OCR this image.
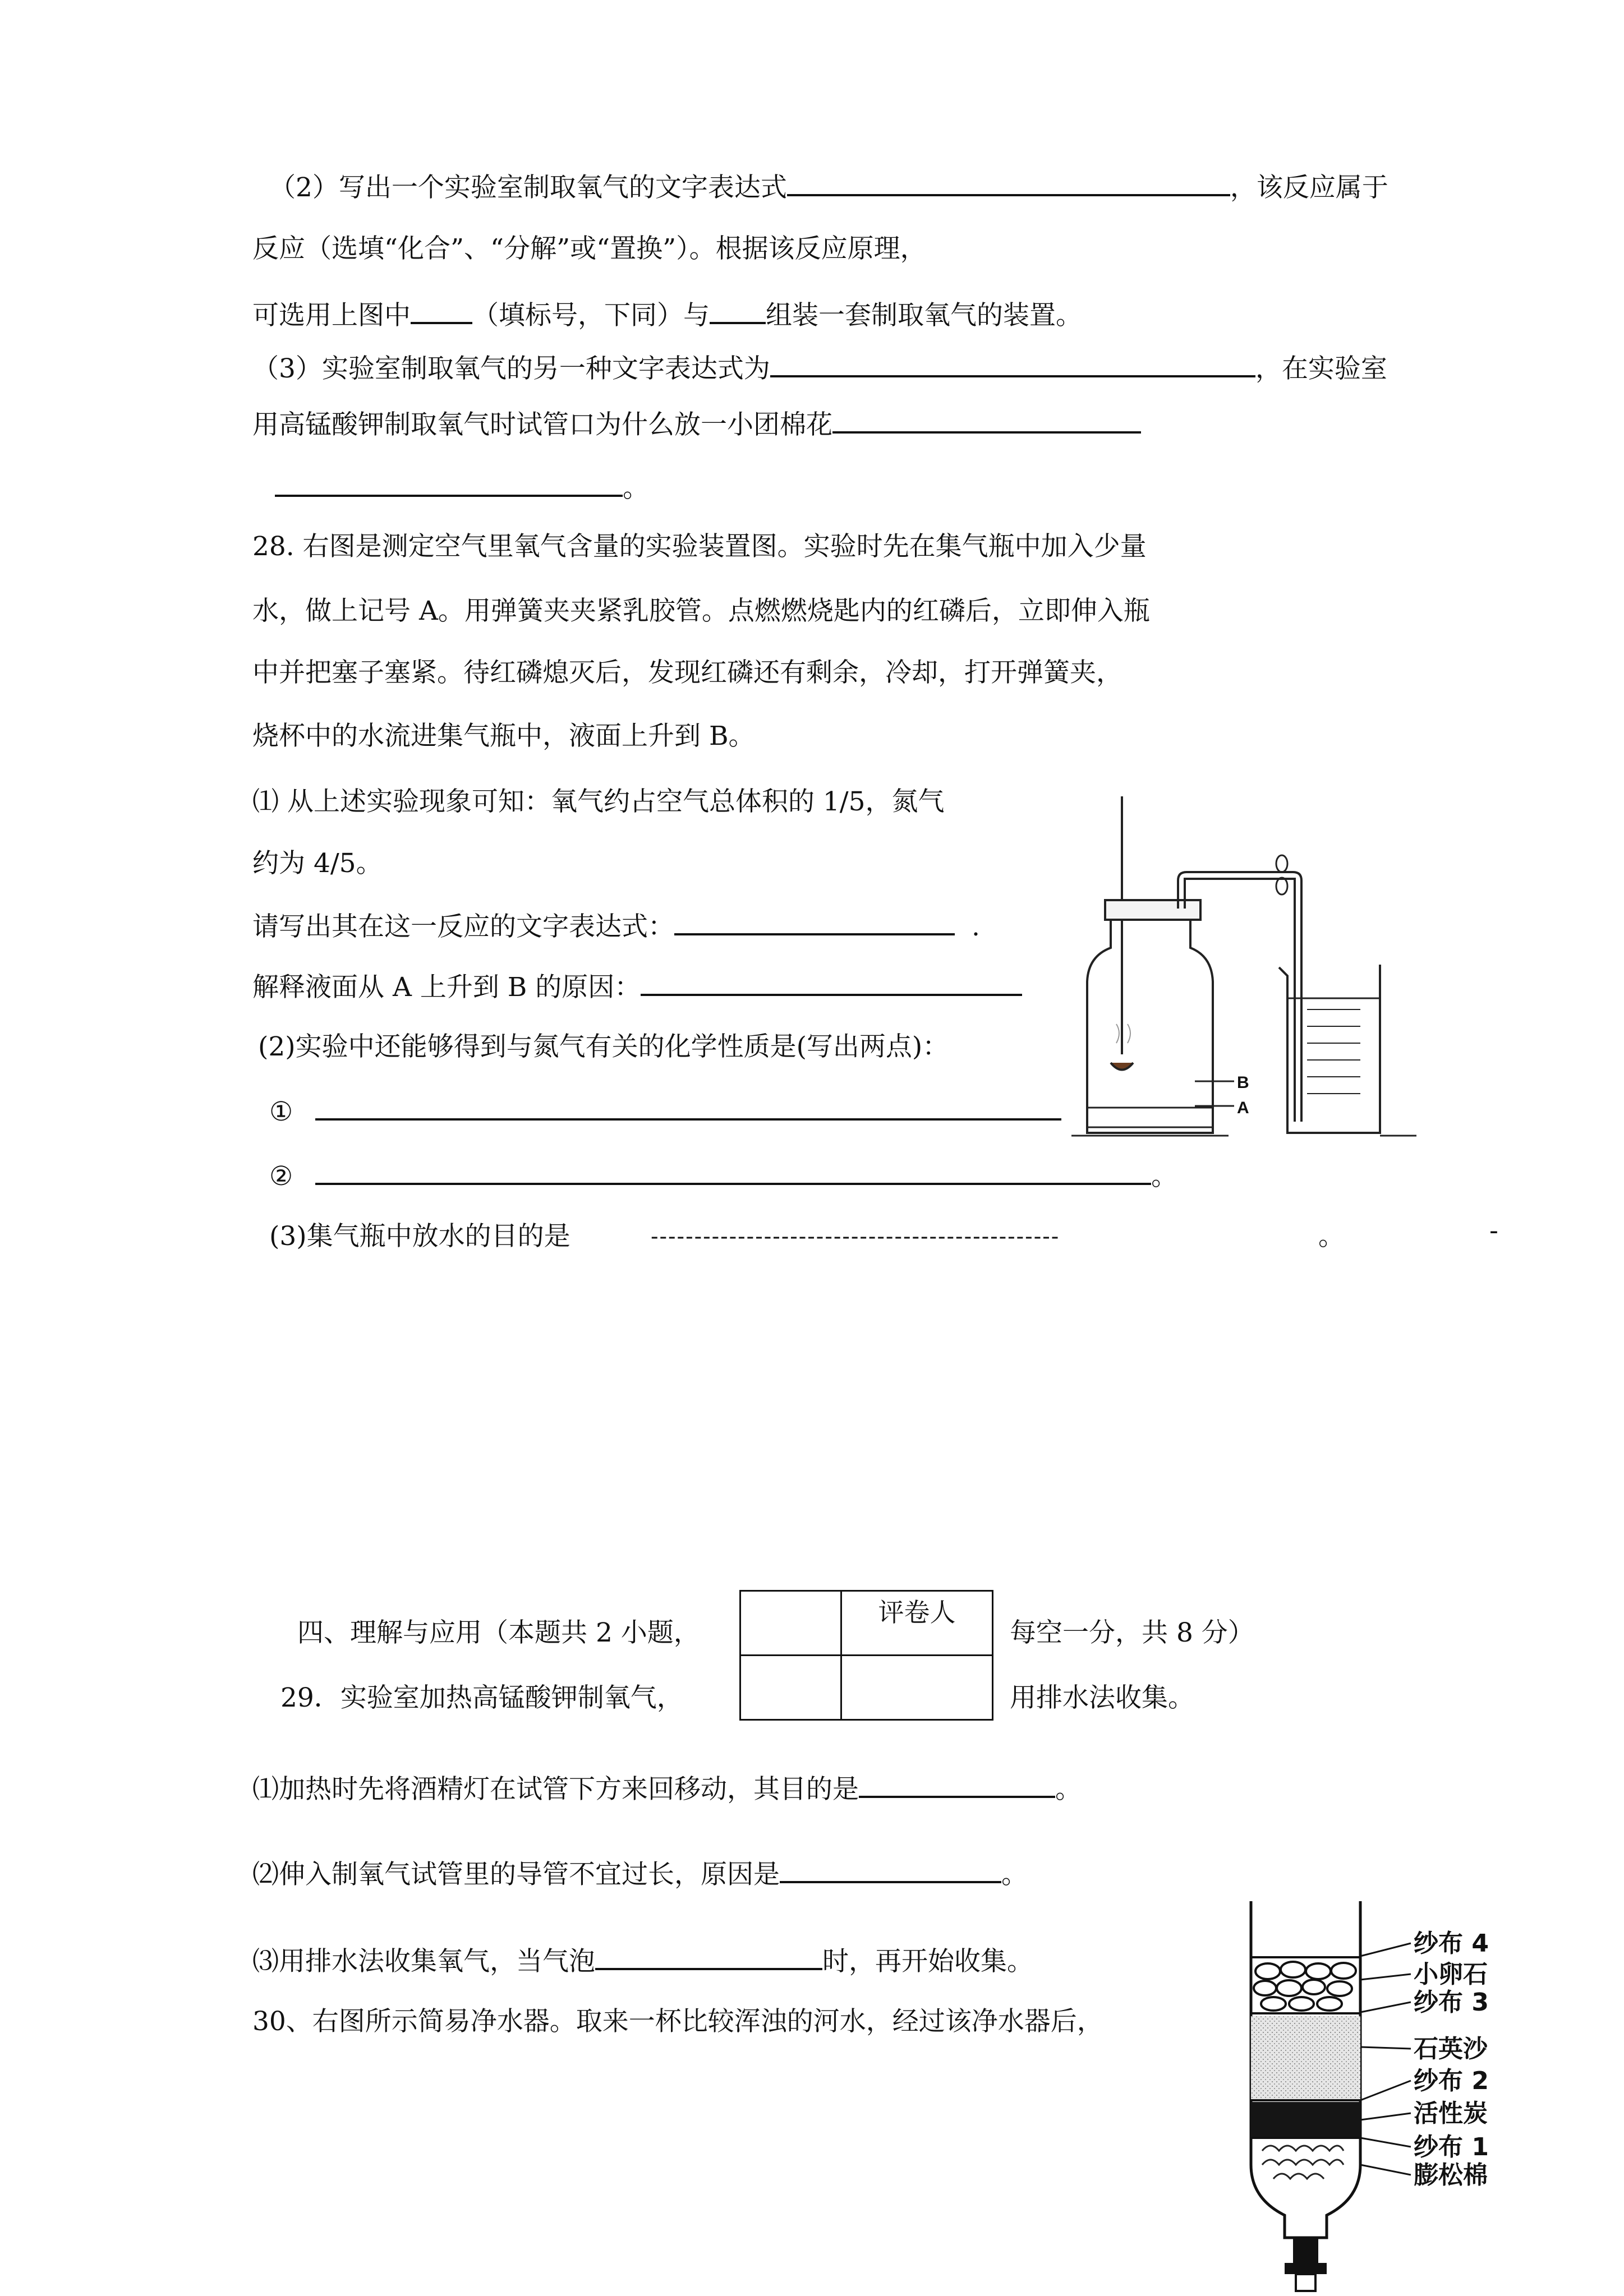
（2）写出一个实验室制取氧气的文字表达式	，该反应属于
反应（选填“化合”、“分解”或“置换”）。根据该反应原理，
可选用上图中 （填标号，下同）与 组装一套制取氧气的装置。
（3）实验室制取氧气的另一种文字表达式为	，在实验室
用高锰酸钾制取氧气时试管口为什么放一小团棉花
。
28. 右图是测定空气里氧气含量的实验装置图。实验时先在集气瓶中加入少量
水，做上记号 A。用弹簧夹夹紧乳胶管。点燃燃烧匙内的红磷后，立即伸入瓶
中并把塞子塞紧。待红磷熄灭后，发现红磷还有剩余，冷却，打开弹簧夹，
烧杯中的水流进集气瓶中，液面上升到 B。
⑴ 从上述实验现象可知：氧气约占空气总体积的 1/5，氮气
约为 4/5。
请写出其在这一反应的文字表达式：	.
解释液面从 A 上升到 B 的原因：
(2)实验中还能够得到与氮气有关的化学性质是(写出两点)：
①
②	。
(3)集气瓶中放水的目的是	-----------------------------------------------	。	-
B
A
四、理解与应用（本题共 2 小题，
	评卷人

每空一分，共 8 分）
29．实验室加热高锰酸钾制氧气，	用排水法收集。
⑴加热时先将酒精灯在试管下方来回移动，其目的是	。
⑵伸入制氧气试管里的导管不宜过长，原因是	。
⑶用排水法收集氧气，当气泡	时，再开始收集。
30、右图所示简易净水器。取来一杯比较浑浊的河水，经过该净水器后，
纱布 4
小卵石
纱布 3
石英沙
纱布 2
活性炭
纱布 1
膨松棉
